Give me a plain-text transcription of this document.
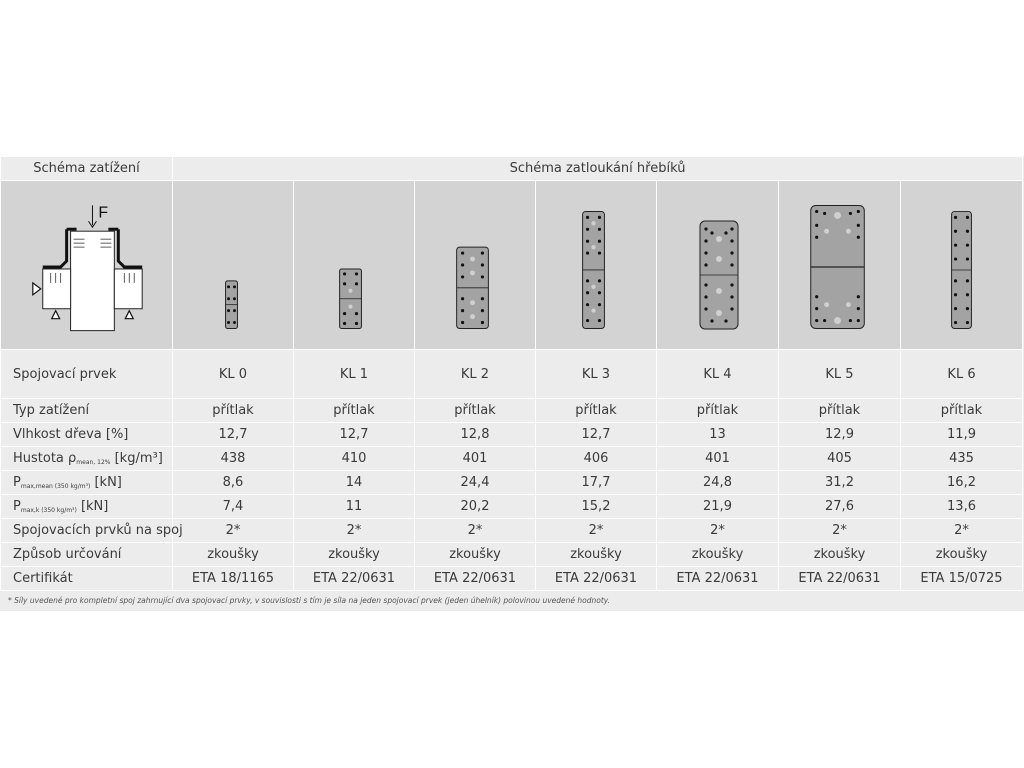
Schéma zatížení	Schéma zatloukání hřebíků						

F

Spojovací prvek	KL 0	KL 1	KL 2	KL 3	KL 4	KL 5	KL 6
Typ zatížení	přítlak	přítlak	přítlak	přítlak	přítlak	přítlak	přítlak
Vlhkost dřeva [%]	12,7	12,7	12,8	12,7	13	12,9	11,9
Hustota ρmean, 12% [kg/m³]	438	410	401	406	401	405	435
Pmax,mean (350 kg/m³) [kN]	8,6	14	24,4	17,7	24,8	31,2	16,2
Pmax,k (350 kg/m³) [kN]	7,4	11	20,2	15,2	21,9	27,6	13,6
Spojovacích prvků na spoj	2*	2*	2*	2*	2*	2*	2*
Způsob určování	zkoušky	zkoušky	zkoušky	zkoušky	zkoušky	zkoušky	zkoušky
Certifikát	ETA 18/1165	ETA 22/0631	ETA 22/0631	ETA 22/0631	ETA 22/0631	ETA 22/0631	ETA 15/0725
* Síly uvedené pro kompletní spoj zahrnující dva spojovací prvky, v souvislosti s tím je síla na jeden spojovací prvek (jeden úhelník) polovinou uvedené hodnoty.
